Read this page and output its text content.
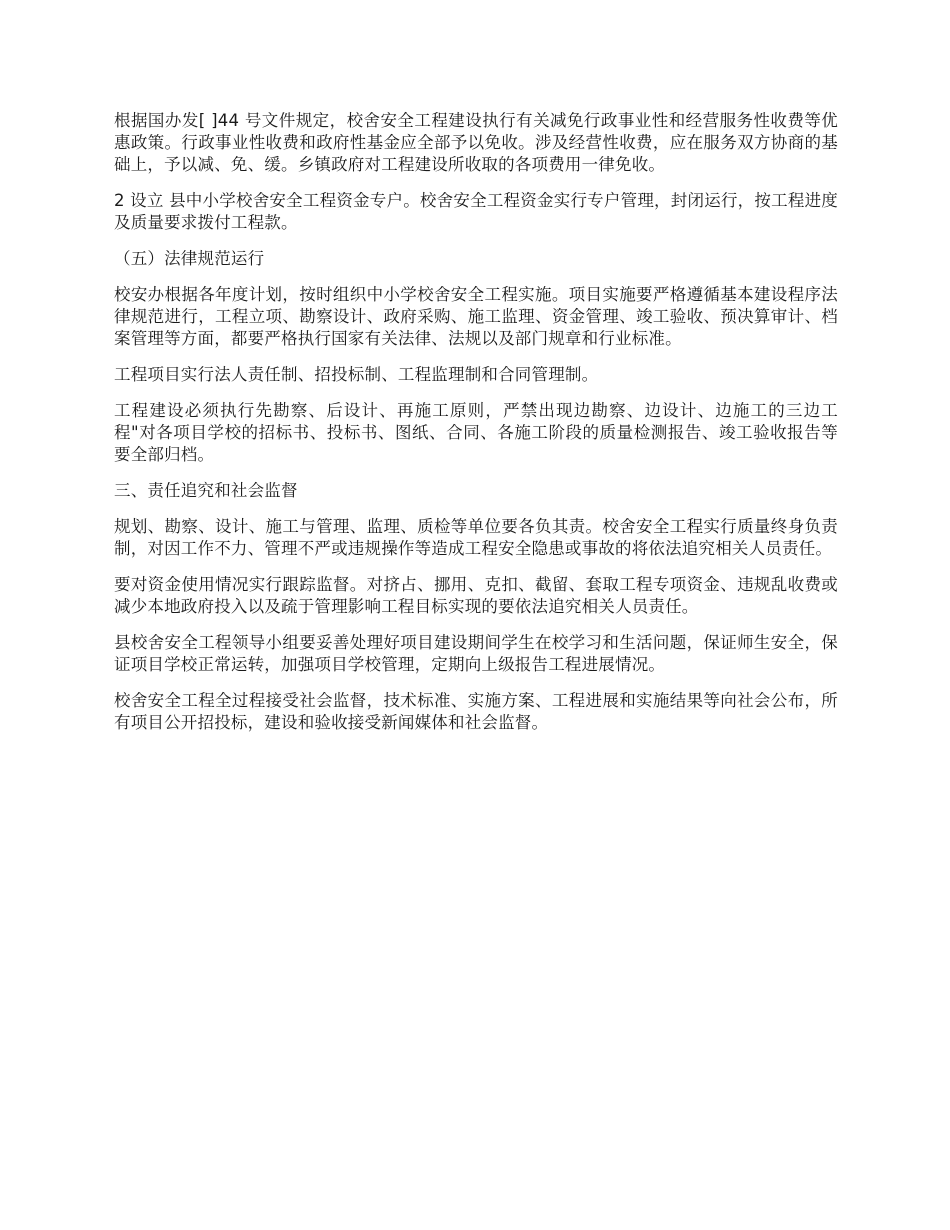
根据国办发[ ]44 号文件规定，校舍安全工程建设执行有关减免行政事业性和经营服务性收费等优惠政策。行政事业性收费和政府性基金应全部予以免收。涉及经营性收费，应在服务双方协商的基础上，予以减、免、缓。乡镇政府对工程建设所收取的各项费用一律免收。

2 设立 县中小学校舍安全工程资金专户。校舍安全工程资金实行专户管理，封闭运行，按工程进度及质量要求拨付工程款。

（五）法律规范运行

校安办根据各年度计划，按时组织中小学校舍安全工程实施。项目实施要严格遵循基本建设程序法律规范进行，工程立项、勘察设计、政府采购、施工监理、资金管理、竣工验收、预决算审计、档案管理等方面，都要严格执行国家有关法律、法规以及部门规章和行业标准。

工程项目实行法人责任制、招投标制、工程监理制和合同管理制。

工程建设必须执行先勘察、后设计、再施工原则，严禁出现边勘察、边设计、边施工的三边工程"对各项目学校的招标书、投标书、图纸、合同、各施工阶段的质量检测报告、竣工验收报告等要全部归档。

三、责任追究和社会监督

规划、勘察、设计、施工与管理、监理、质检等单位要各负其责。校舍安全工程实行质量终身负责制，对因工作不力、管理不严或违规操作等造成工程安全隐患或事故的将依法追究相关人员责任。

要对资金使用情况实行跟踪监督。对挤占、挪用、克扣、截留、套取工程专项资金、违规乱收费或减少本地政府投入以及疏于管理影响工程目标实现的要依法追究相关人员责任。

县校舍安全工程领导小组要妥善处理好项目建设期间学生在校学习和生活问题，保证师生安全，保证项目学校正常运转，加强项目学校管理，定期向上级报告工程进展情况。

校舍安全工程全过程接受社会监督，技术标准、实施方案、工程进展和实施结果等向社会公布，所有项目公开招投标，建设和验收接受新闻媒体和社会监督。
